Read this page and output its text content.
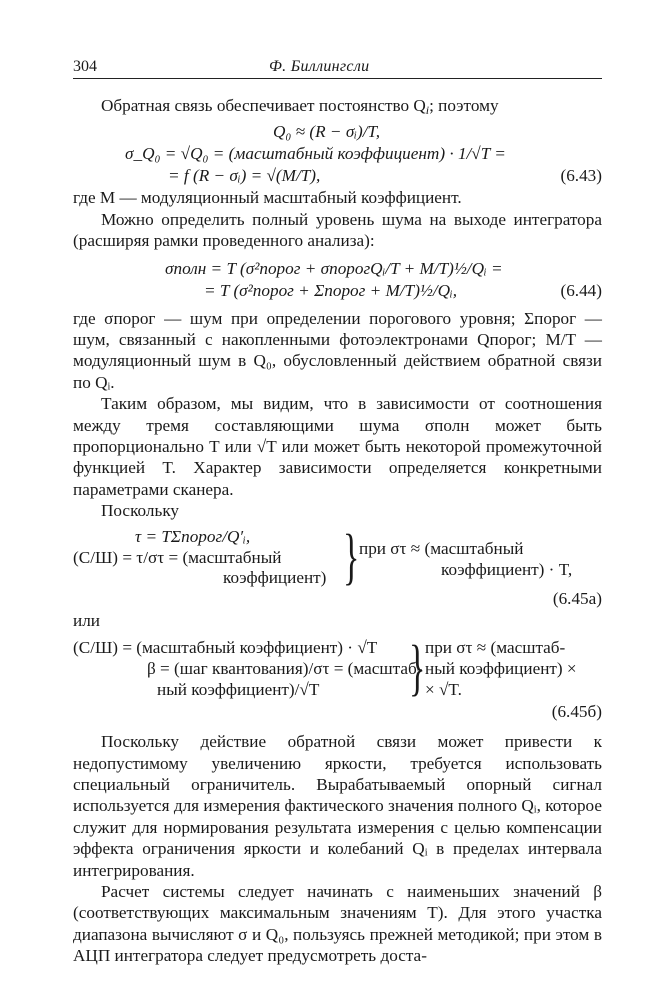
304	Ф. Биллингсли

Обратная связь обеспечивает постоянство Qi; поэтому

Q₀ ≈ (R − σᵢ)/T,
σ_Q₀ = √Q₀ = (масштабный коэффициент) · 1/√T =
= f (R − σᵢ) = √(M/T),	(6.43)

где M — модуляционный масштабный коэффициент.

Можно определить полный уровень шума на выходе интегратора (расширяя рамки проведенного анализа):

σполн = T (σ²порог + σпорогQᵢ/T + M/T)½/Qᵢ =
= T (σ²порог + Σпорог + M/T)½/Qᵢ,	(6.44)

где σпорог — шум при определении порогового уровня; Σпорог — шум, связанный с накопленными фотоэлектронами Qпорог; M/T — модуляционный шум в Q₀, обусловленный действием обратной связи по Qᵢ.

Таким образом, мы видим, что в зависимости от соотношения между тремя составляющими шума σполн может быть пропорционально T или √T или может быть некоторой промежуточной функцией T. Характер зависимости определяется конкретными параметрами сканера.

Поскольку

τ = TΣпорог/Q′ᵢ,
(С/Ш) = τ/στ = (масштабный
коэффициент) } при στ ≈ (масштабный
коэффициент) · T,
(6.45а)

или

(С/Ш) = (масштабный коэффициент) · √T
β = (шаг квантования)/στ = (масштаб-
ный коэффициент)/√T } при στ ≈ (масштаб-
ный коэффициент) ×
× √T.
(6.45б)

Поскольку действие обратной связи может привести к недопустимому увеличению яркости, требуется использовать специальный ограничитель. Вырабатываемый опорный сигнал используется для измерения фактического значения полного Qᵢ, которое служит для нормирования результата измерения с целью компенсации эффекта ограничения яркости и колебаний Qᵢ в пределах интервала интегрирования.

Расчет системы следует начинать с наименьших значений β (соответствующих максимальным значениям T). Для этого участка диапазона вычисляют σ и Q₀, пользуясь прежней методикой; при этом в АЦП интегратора следует предусмотреть доста-
